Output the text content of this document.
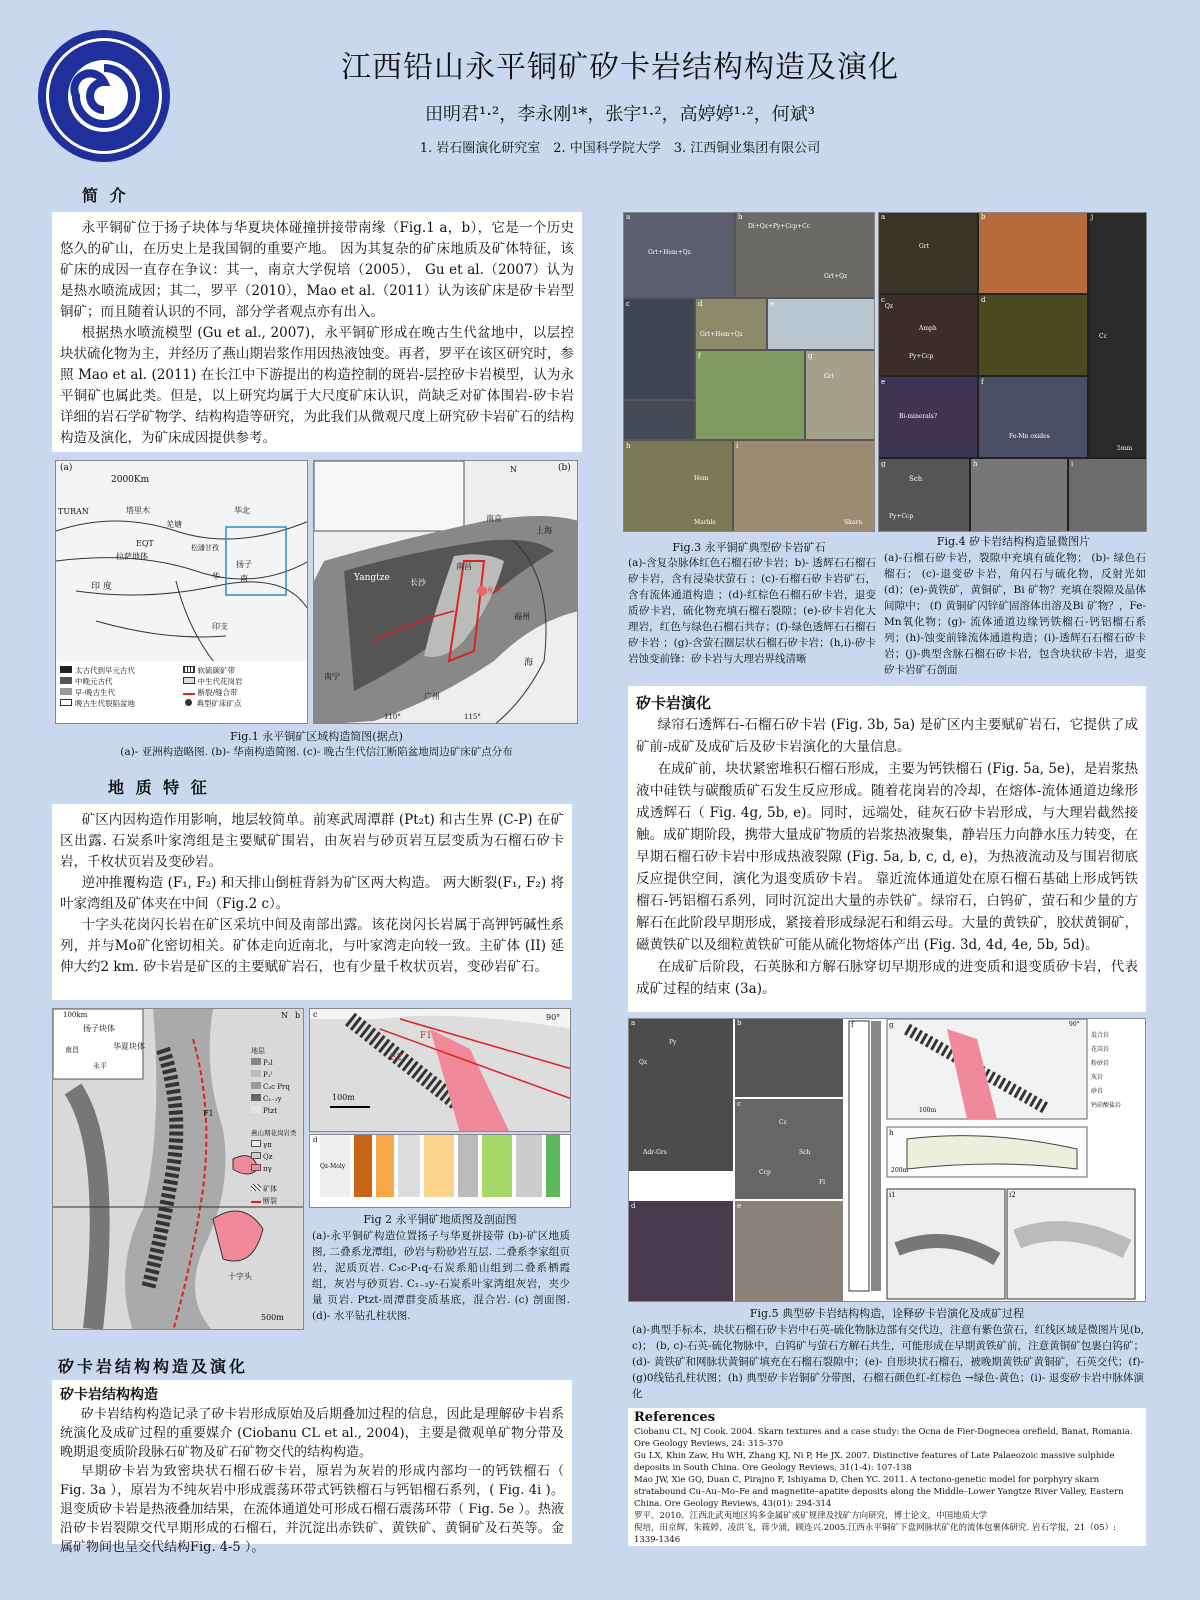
江西铅山永平铜矿矽卡岩结构构造及演化
田明君¹·²，李永刚¹*，张宇¹·²，高婷婷¹·²，何斌³
1. 岩石圈演化研究室　2. 中国科学院大学　3. 江西铜业集团有限公司
简 介

永平铜矿位于扬子块体与华夏块体碰撞拼接带南缘（Fig.1 a，b），它是一个历史悠久的矿山，在历史上是我国铜的重要产地。 因为其复杂的矿床地质及矿体特征，该矿床的成因一直存在争议：其一，南京大学倪培（2005）， Gu et al.（2007）认为是热水喷流成因；其二，罗平（2010），Mao et al.（2011）认为该矿床是矽卡岩型铜矿；而且随着认识的不同，部分学者观点亦有出入。

根据热水喷流模型 (Gu et al., 2007)，永平铜矿形成在晚古生代盆地中，以层控块状硫化物为主，并经历了燕山期岩浆作用因热液蚀变。再者，罗平在该区研究时，参照 Mao et al. (2011) 在长江中下游提出的构造控制的斑岩-层控矽卡岩模型，认为永平铜矿也属此类。但是，以上研究均属于大尺度矿床认识，尚缺乏对矿体围岩-矽卡岩详细的岩石学矿物学、结构构造等研究，为此我们从微观尺度上研究矽卡岩矿石的结构构造及演化，为矿床成因提供参考。

(a)
2000Km
TURAN	塔里木	华北
羌塘
EQT	松潘甘孜
拉萨地体
扬子
华	南
印 度
印支
太古代到早元古代	软硫碳矿带
中晚元古代	中生代花岗岩
早-晚古生代	断裂/缝合带
晚古生代裂陷盆地	典型矿床矿点
(b)
N
南京
上海
Yangtze	长沙
南昌
永平
福州
南宁
广州
海
110°	115°
Fig.1 永平铜矿区域构造简图(据点)
(a)- 亚洲构造略图. (b)- 华南构造简图. (c)- 晚古生代信江断陷盆地周边矿床矿点分布
地 质 特 征

矿区内因构造作用影响，地层较简单。前寒武周潭群 (Pt₂t) 和古生界 (C-P) 在矿区出露. 石炭系叶家湾组是主要赋矿围岩，由灰岩与砂页岩互层变质为石榴石矽卡岩，千枚状页岩及变砂岩。

逆冲推覆构造 (F₁, F₂) 和天排山倒桩背斜为矿区两大构造。 两大断裂(F₁, F₂) 将叶家湾组及矿体夹在中间（Fig.2 c）。

十字头花岗闪长岩在矿区采坑中间及南部出露。该花岗闪长岩属于高钾钙碱性系列，并与Mo矿化密切相关。矿体走向近南北，与叶家湾走向较一致。主矿体 (II) 延伸大约2 km. 矽卡岩是矿区的主要赋矿岩石，也有少量千枚状页岩，变砂岩矿石。

100km
扬子块体
南昌
永平
华夏块体
N b
500m
十字头
F1
地层
P₂l
P₁ˡ
C₃c Prq
C₁₋₂y
Ptzt
燕山期花岗岩类
γπ
Qz
πγ
矿体
断裂
c
F1
F2
100m
90°
d
Qz-Moly
Fig 2 永平铜矿地质图及剖面图
(a)-永平铜矿构造位置扬子与华夏拼接带 (b)-矿区地质图, 二叠系龙潭组，砂岩与粉砂岩互层. 二叠系李家组页岩，泥质页岩. C₃c-P₁q-石炭系船山组到二叠系栖霞组，灰岩与砂页岩. C₁₋₂y-石炭系叶家湾组灰岩，夹少量 页岩. Ptzt-周潭群变质基底，混合岩. (c) 剖面图. (d)- 水平钻孔柱状图.
矽卡岩结构构造及演化
矽卡岩结构构造

矽卡岩结构构造记录了矽卡岩形成原始及后期叠加过程的信息，因此是理解矽卡岩系统演化及成矿过程的重要媒介 (Ciobanu CL et al., 2004)，主要是微观单矿物分带及晚期退变质阶段脉石矿物及矿石矿物交代的结构构造。

早期矽卡岩为致密块状石榴石矽卡岩，原岩为灰岩的形成内部均一的钙铁榴石（ Fig. 3a ），原岩为不纯灰岩中形成震荡环带式钙铁榴石与钙铝榴石系列，( Fig. 4i )。退变质矽卡岩是热液叠加结果，在流体通道处可形成石榴石震荡环带（ Fig. 5e ）。热液沿矽卡岩裂隙交代早期形成的石榴石，并沉淀出赤铁矿、黄铁矿、黄铜矿及石英等。金属矿物间也呈交代结构Fig. 4-5 ）。

a	b
c	d	e
f	g
h	i
Grt+Hem+Qz
Di+Qz+Py+Ccp+Cc
Grt+Qz
Grt
Grt+Hem+Qz
Hem
Marble	Skarn
a	b
c	d
e	f
g	h	i
j
Grt
Qz
Amph
Py+Ccp
Bi-minerals?
Fe-Mn oxides
Sch
Py+Ccp
Cc
5mm
Fig.3 永平铜矿典型矽卡岩矿石
(a)-含复杂脉体红色石榴石矽卡岩；b)- 透辉石石榴石矽卡岩，含有浸染状萤石 ；(c)-石榴石矽卡岩矿石，含有流体通道构造 ；(d)-红棕色石榴石矽卡岩，退变质矽卡岩，硫化物充填石榴石裂隙；(e)-矽卡岩化大理岩，红色与绿色石榴石共存；(f)-绿色透辉石石榴石矽卡岩 ；(g)-含萤石圈层状石榴石矽卡岩；(h,i)-矽卡岩蚀变前锋：矽卡岩与大理岩界线清晰
Fig.4 矽卡岩结构构造显微图片
(a)-石榴石矽卡岩，裂隙中充填有硫化物； (b)- 绿色石榴石； (c)-退变矽卡岩，角闪石与硫化物，反射光如 (d)；(e)-黄铁矿，黄铜矿，Bi 矿物？充填在裂隙及晶体间隙中； (f) 黄铜矿闪锌矿固溶体出溶及Bi 矿物？，Fe-Mn氧化物；(g)- 流体通道边缘钙铁榴石-钙铝榴石系列；(h)-蚀变前锋流体通道构造；(i)-透辉石石榴石矽卡岩；(j)-典型含脉石榴石矽卡岩，包含块状矽卡岩，退变矽卡岩矿石剖面
矽卡岩演化

绿帘石透辉石-石榴石矽卡岩 (Fig. 3b, 5a) 是矿区内主要赋矿岩石，它提供了成矿前-成矿及成矿后及矽卡岩演化的大量信息。

在成矿前，块状紧密堆积石榴石形成，主要为钙铁榴石 (Fig. 5a, 5e)，是岩浆热液中硅铁与碳酸质矿石发生反应形成。随着花岗岩的冷却，在熔体-流体通道边缘形成透辉石（ Fig. 4g, 5b, e)。同时，远端处，硅灰石矽卡岩形成，与大理岩截然接触。成矿期阶段，携带大量成矿物质的岩浆热液聚集，静岩压力向静水压力转变，在早期石榴石矽卡岩中形成热液裂隙 (Fig. 5a, b, c, d, e)，为热液流动及与围岩彻底反应提供空间，演化为退变质矽卡岩。 靠近流体通道处在原石榴石基础上形成钙铁榴石-钙铝榴石系列，同时沉淀出大量的赤铁矿。绿帘石，白钨矿，萤石和少量的方解石在此阶段早期形成，紧接着形成绿泥石和绢云母。大量的黄铁矿，胶状黄铜矿，磁黄铁矿以及细粒黄铁矿可能从硫化物熔体产出 (Fig. 3d, 4d, 4e, 5b, 5d)。

在成矿后阶段，石英脉和方解石脉穿切早期形成的进变质和退变质矽卡岩，代表成矿过程的结束 (3a)。

a	b
c
d	e
f	g
h
i1	i2
Qz
Py
Adr-Grs
Cc
Sch
Ccp
Fl
100m
200m
90°
混合岩
花岗岩
粉砂岩
灰岩
砂岩
钙硅酸盐岩
Fig.5 典型矽卡岩结构构造，诠释矽卡岩演化及成矿过程
(a)-典型手标本，块状石榴石矽卡岩中石英-硫化物脉边部有交代边，注意有紫色萤石，红线区域是微图片见(b, c)； (b, c)-石英-硫化物脉中，白钨矿与萤石方解石共生，可能形成在早期黄铁矿前，注意黄铜矿包裹白钨矿；(d)- 黄铁矿和网脉状黄铜矿填充在石榴石裂隙中；(e)- 自形块状石榴石，被晚期黄铁矿黄铜矿，石英交代；(f)- (g)0线钻孔柱状图；(h) 典型矽卡岩铜矿分带图，石榴石颜色红-红棕色 →绿色-黄色；(i)- 退变矽卡岩中脉体演化
References
Ciobanu CL, NJ Cook. 2004. Skarn textures and a case study: the Ocna de Fier-Dognecea orefield, Banat, Romania. Ore Geology Reviews, 24: 315-370
Gu LX, Khin Zaw, Hu WH, Zhang KJ, Ni P, He JX. 2007. Distinctive features of Late Palaeozoic massive sulphide deposits in South China. Ore Geology Reviews, 31(1-4): 107-138
Mao JW, Xie GQ, Duan C, Pirajno F, Ishiyama D, Chen YC. 2011. A tectono-genetic model for porphyry skarn stratabound Cu–Au–Mo–Fe and magnetite–apatite deposits along the Middle–Lower Yangtze River Valley, Eastern China. Ore Geology Reviews, 43(01): 294-314
罗平。2010。江西北武夷地区钨多金属矿成矿规律及找矿方向研究，博士论文，中国地质大学
倪培，田京辉，朱筱婷，凌洪飞，蒋少涌，顾连兴.2005.江西永平铜矿下盘网脉状矿化的流体包裹体研究. 岩石学报，21（05）: 1339-1346
